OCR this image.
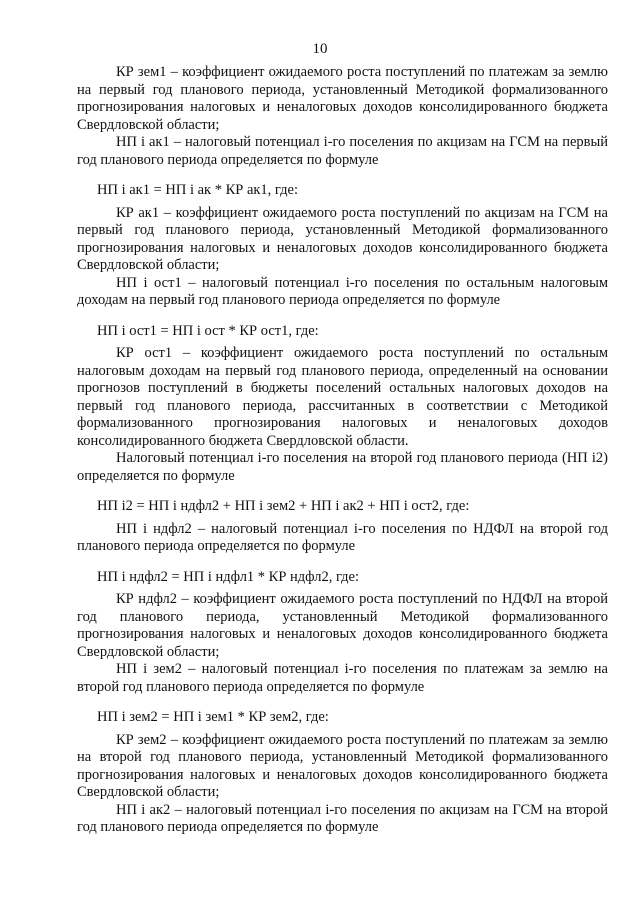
10

КР зем1 – коэффициент ожидаемого роста поступлений по платежам за землю на первый год планового периода, установленный Методикой формализованного прогнозирования налоговых и неналоговых доходов консолидированного бюджета Свердловской области;

НП i ак1 – налоговый потенциал i-го поселения по акцизам на ГСМ на первый год планового периода определяется по формуле

НП i ак1 = НП i ак * КР ак1, где:

КР ак1 – коэффициент ожидаемого роста поступлений по акцизам на ГСМ на первый год планового периода, установленный Методикой формализованного прогнозирования налоговых и неналоговых доходов консолидированного бюджета Свердловской области;

НП i ост1 – налоговый потенциал i-го поселения по остальным налоговым доходам на первый год планового периода определяется по формуле

НП i ост1 = НП i ост * КР ост1, где:

КР ост1 – коэффициент ожидаемого роста поступлений по остальным налоговым доходам на первый год планового периода, определенный на основании прогнозов поступлений в бюджеты поселений остальных налоговых доходов на первый год планового периода, рассчитанных в соответствии с Методикой формализованного прогнозирования налоговых и неналоговых доходов консолидированного бюджета Свердловской области.

Налоговый потенциал i-го поселения на второй год планового периода (НП i2) определяется по формуле

НП i2 = НП i ндфл2 + НП i зем2 + НП i ак2 + НП i ост2, где:

НП i ндфл2 – налоговый потенциал i-го поселения по НДФЛ на второй год планового периода определяется по формуле

НП i ндфл2 = НП i ндфл1 * КР ндфл2, где:

КР ндфл2 – коэффициент ожидаемого роста поступлений по НДФЛ на второй год планового периода, установленный Методикой формализованного прогнозирования налоговых и неналоговых доходов консолидированного бюджета Свердловской области;

НП i зем2 – налоговый потенциал i-го поселения по платежам за землю на второй год планового периода определяется по формуле

НП i зем2 = НП i зем1 * КР зем2, где:

КР зем2 – коэффициент ожидаемого роста поступлений по платежам за землю на второй год планового периода, установленный Методикой формализованного прогнозирования налоговых и неналоговых доходов консолидированного бюджета Свердловской области;

НП i ак2 – налоговый потенциал i-го поселения по акцизам на ГСМ на второй год планового периода определяется по формуле
